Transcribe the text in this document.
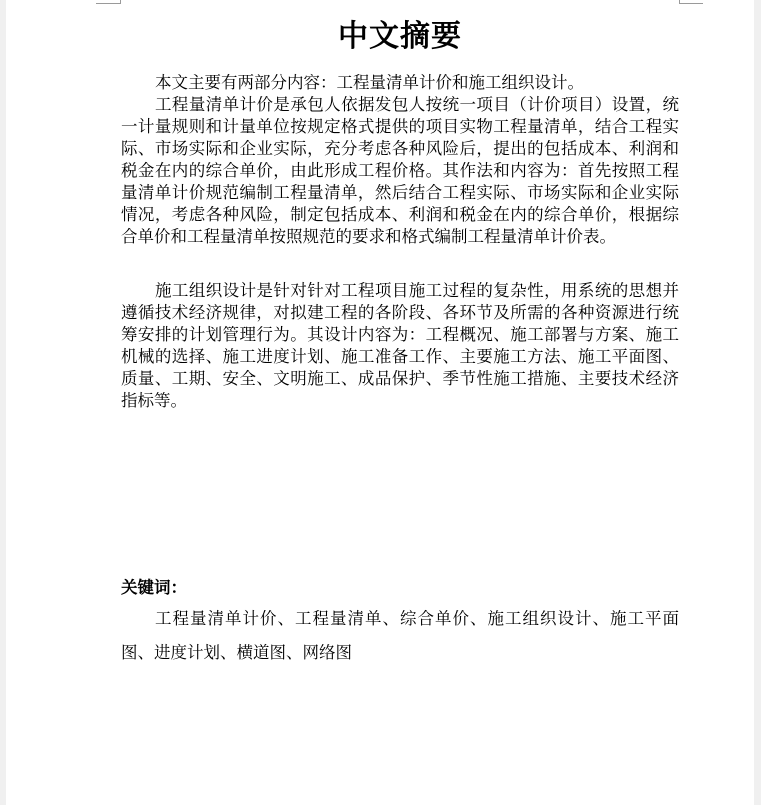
中文摘要
本文主要有两部分内容：工程量清单计价和施工组织设计。
工程量清单计价是承包人依据发包人按统一项目（计价项目）设置，统一计量规则和计量单位按规定格式提供的项目实物工程量清单，结合工程实际、市场实际和企业实际，充分考虑各种风险后，提出的包括成本、利润和税金在内的综合单价，由此形成工程价格。其作法和内容为：首先按照工程量清单计价规范编制工程量清单，然后结合工程实际、市场实际和企业实际情况，考虑各种风险，制定包括成本、利润和税金在内的综合单价，根据综合单价和工程量清单按照规范的要求和格式编制工程量清单计价表。
施工组织设计是针对针对工程项目施工过程的复杂性，用系统的思想并遵循技术经济规律，对拟建工程的各阶段、各环节及所需的各种资源进行统筹安排的计划管理行为。其设计内容为：工程概况、施工部署与方案、施工机械的选择、施工进度计划、施工准备工作、主要施工方法、施工平面图、质量、工期、安全、文明施工、成品保护、季节性施工措施、主要技术经济指标等。
关键词：
工程量清单计价、工程量清单、综合单价、施工组织设计、施工平面图、进度计划、横道图、网络图
